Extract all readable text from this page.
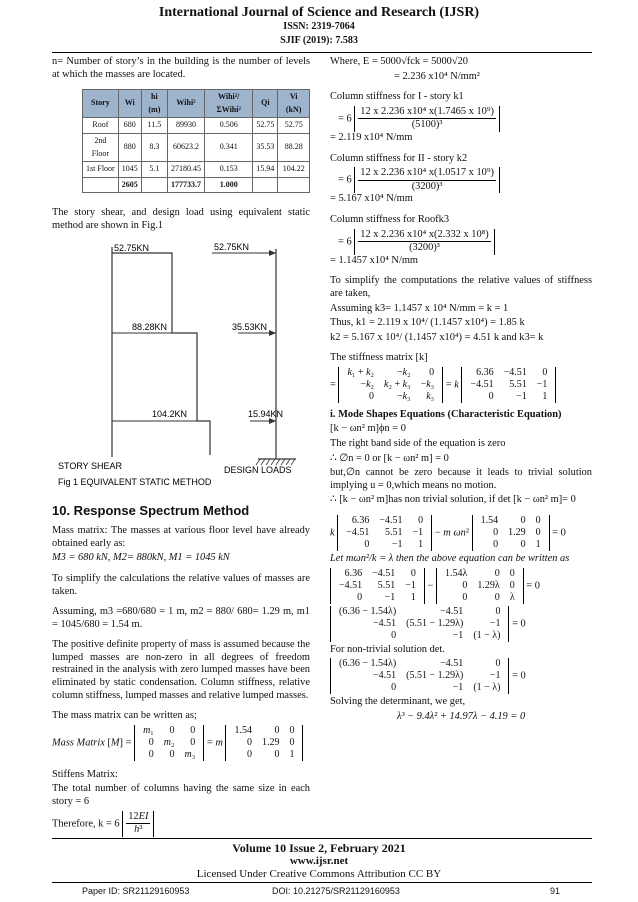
International Journal of Science and Research (IJSR)
ISSN: 2319-7064
SJIF (2019): 7.583

n= Number of story’s in the building is the number of levels at which the masses are located.

Story	Wi	hi (m)	Wihi²	Wihi²/ΣWihi²	Qi	Vi (kN)
Roof	680	11.5	89930	0.506	52.75	52.75
2nd Floor	880	8.3	60623.2	0.341	35.53	88.28
1st Floor	1045	5.1	27180.45	0.153	15.94	104.22
	2605		177733.7	1.000		

The story shear, and design load using equivalent static method are shown in Fig.1

52.75KN
88.28KN
104.2KN
52.75KN
35.53KN
15.94KN
STORY SHEAR	DESIGN LOADS
Fig 1 EQUIVALENT STATIC METHOD
10. Response Spectrum Method

Mass matrix: The masses at various floor level have already obtained early as:

M3 = 680 kN, M2= 880kN, M1 = 1045 kN

To simplify the calculations the relative values of masses are taken.

Assuming, m3 =680/680 = 1 m, m2 = 880/ 680= 1.29 m, m1 = 1045/680 = 1.54 m.

The positive definite property of mass is assumed because the lumped masses are non-zero in all degrees of freedom restrained in the analysis with zero lumped masses have been eliminated by static condensation. Column stiffness, relative column stiffness, lumped masses and relative lumped masses.

The mass matrix can be written as;

Mass Matrix [M] =
m₁	0	0
0	m₂	0
0	0	m₃
= m
1.54	0	0
0	1.29	0
0	0	1

Stiffens Matrix:

The total number of columns having the same size in each story = 6

Therefore, $k = 6 \frac{12EI}{\text{h³}}$

Where, E = 5000√fck = 5000√20

= 2.236 x10⁴ N/mm²

Column stiffness for I - story k1

= $6 \frac{\text{12 x 2.236 x10⁴ x(1.7465 x 10⁹)}}{\text{(5100)³}}$

= 2.119 x10⁴ N/mm

Column stiffness for II - story k2

= $6 \frac{\text{12 x 2.236 x10⁴ x(1.0517 x 10⁹)}}{\text{(3200)³}}$

= 5.167 x10⁴ N/mm

Column stiffness for Roofk3

= $6 \frac{\text{12 x 2.236 x10⁴ x(2.332 x 10⁸)}}{\text{(3200)³}}$

= 1.1457 x10⁴ N/mm

To simplify the computations the relative values of stiffness are taken,

Assuming k3= 1.1457 x 10⁴ N/mm = k = 1

Thus, k1 = 2.119 x 10⁴/ (1.1457 x10⁴) = 1.85 k

k2 = 5.167 x 10⁴/ (1.1457 x10⁴) = 4.51 k and k3= k

The stiffness matrix [k]

=
k₁ + k₂	−k₂	0
−k₂	k₂ + k₃	−k₃
0	−k₃	k₃
= k
6.36	−4.51	0
−4.51	5.51	−1
0	−1	1

i. Mode Shapes Equations (Characteristic Equation)

[k − ωn² m]ϕn = 0

The right band side of the equation is zero

∴ ∅n = 0 or [k − ωn² m] = 0

but,∅n cannot be zero because it leads to trivial solution implying u = 0,which means no motion.

∴ [k − ωn² m]has non trivial solution, if det [k − ωn² m]= 0

k
6.36	−4.51	0
−4.51	5.51	−1
0	−1	1
− m ωn²
1.54	0	0
0	1.29	0
0	0	1
= 0

Let mωn²/k = λ then the above equation can be written as

6.36	−4.51	0
−4.51	5.51	−1
0	−1	1
−
1.54λ	0	0
0	1.29λ	0
0	0	λ
= 0
(6.36 − 1.54λ)	−4.51	0
−4.51	(5.51 − 1.29λ)	−1
0	−1	(1 − λ)
= 0

For non-trivial solution det.

(6.36 − 1.54λ)	−4.51	0
−4.51	(5.51 − 1.29λ)	−1
0	−1	(1 − λ)
= 0

Solving the determinant, we get,

λ³ − 9.4λ² + 14.97λ − 4.19 = 0

Volume 10 Issue 2, February 2021
www.ijsr.net
Licensed Under Creative Commons Attribution CC BY
Paper ID: SR21129160953	DOI: 10.21275/SR21129160953	91
